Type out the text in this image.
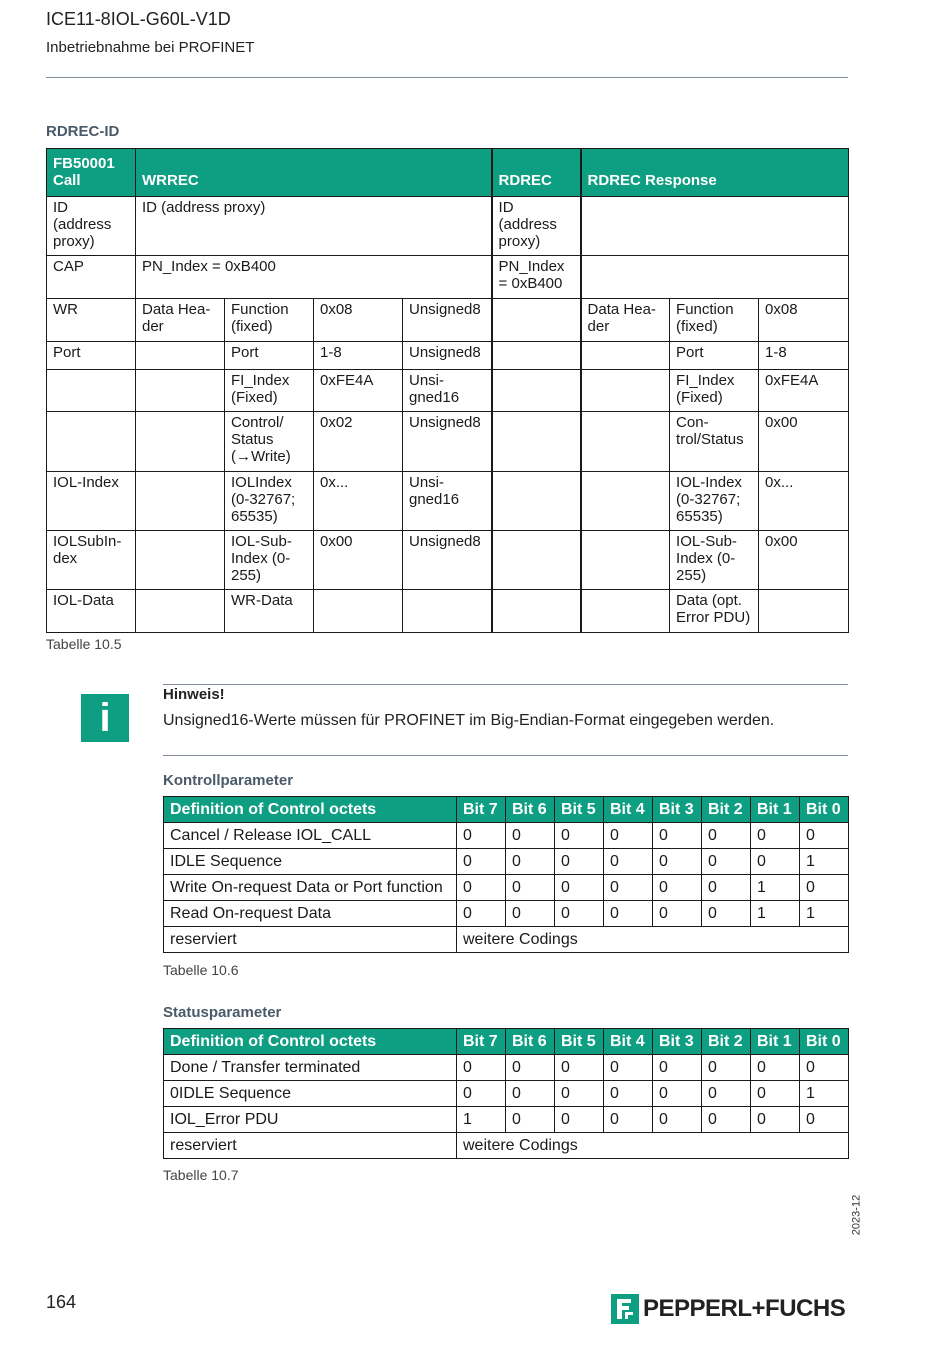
ICE11-8IOL-G60L-V1D
Inbetriebnahme bei PROFINET
RDREC-ID
FB50001 Call	WRREC				RDREC	RDREC Response		
ID (address proxy)	ID (address proxy)				ID (address proxy)			
CAP	PN_Index = 0xB400				PN_Index = 0xB400			
WR	Data Hea-der	Function (fixed)	0x08	Unsigned8		Data Hea-der	Function (fixed)	0x08
Port		Port	1-8	Unsigned8			Port	1-8
		FI_Index (Fixed)	0xFE4A	Unsi-gned16			FI_Index (Fixed)	0xFE4A
		Control/ Status (→Write)	0x02	Unsigned8			Con-trol/Status	0x00
IOL-Index		IOLIndex (0-32767; 65535)	0x...	Unsi-gned16			IOL-Index (0-32767; 65535)	0x...
IOLSubIn-dex		IOL-Sub-Index (0-255)	0x00	Unsigned8			IOL-Sub-Index (0-255)	0x00
IOL-Data		WR-Data					Data (opt. Error PDU)	
Tabelle 10.5
i
Hinweis!
Unsigned16-Werte müssen für PROFINET im Big-Endian-Format eingegeben werden.
Kontrollparameter
Definition of Control octets	Bit 7	Bit 6	Bit 5	Bit 4	Bit 3	Bit 2	Bit 1	Bit 0
Cancel / Release IOL_CALL	0	0	0	0	0	0	0	0
IDLE Sequence	0	0	0	0	0	0	0	1
Write On-request Data or Port function	0	0	0	0	0	0	1	0
Read On-request Data	0	0	0	0	0	0	1	1
reserviert	weitere Codings							
Tabelle 10.6
Statusparameter
Definition of Control octets	Bit 7	Bit 6	Bit 5	Bit 4	Bit 3	Bit 2	Bit 1	Bit 0
Done / Transfer terminated	0	0	0	0	0	0	0	0
0IDLE Sequence	0	0	0	0	0	0	0	1
IOL_Error PDU	1	0	0	0	0	0	0	0
reserviert	weitere Codings							
Tabelle 10.7
2023-12
164	PEPPERL+FUCHS
